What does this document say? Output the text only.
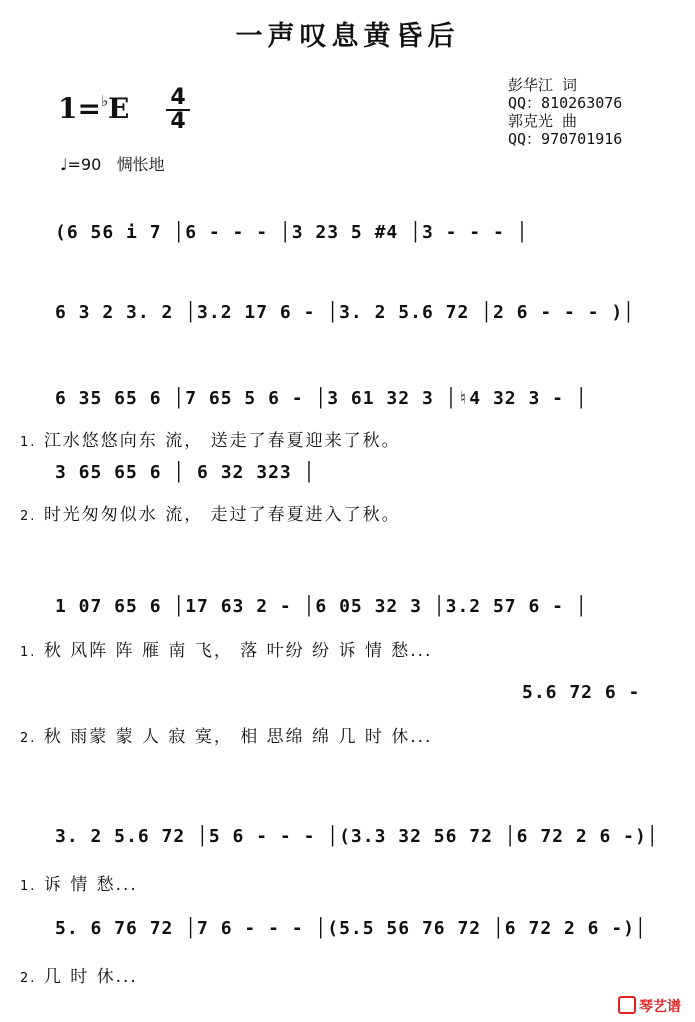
一声叹息黄昏后
1=♭E 4
4
♩=90 惆怅地
彭华江 词
QQ：810263076
郭克光 曲
QQ：970701916
(6 56 i 7 │6 - - - │3 23 5 #4 │3 - - - │
6 3 2 3. 2 │3.2 17 6 - │3. 2 5.6 72 │2 6 - - - )│
6 35 65 6 │7 65 5 6 - │3 61 32 3 │♮4 32 3 - │
1. 江水悠悠向东 流， 送走了春夏迎来了秋。
3 65 65 6 │ 6 32 323 │
2. 时光匆匆似水 流， 走过了春夏进入了秋。
1 07 65 6 │17 63 2 - │6 05 32 3 │3.2 57 6 - │
1. 秋 风阵 阵 雁 南 飞， 落 叶纷 纷 诉 情 愁...
5.6 72 6 -
2. 秋 雨蒙 蒙 人 寂 寞， 相 思绵 绵 几 时 休...
3. 2 5.6 72 │5 6 - - - │(3.3 32 56 72 │6 72 2 6 -)│
1. 诉 情 愁...
5. 6 76 72 │7 6 - - - │(5.5 56 76 72 │6 72 2 6 -)│
2. 几 时 休...
琴艺谱
